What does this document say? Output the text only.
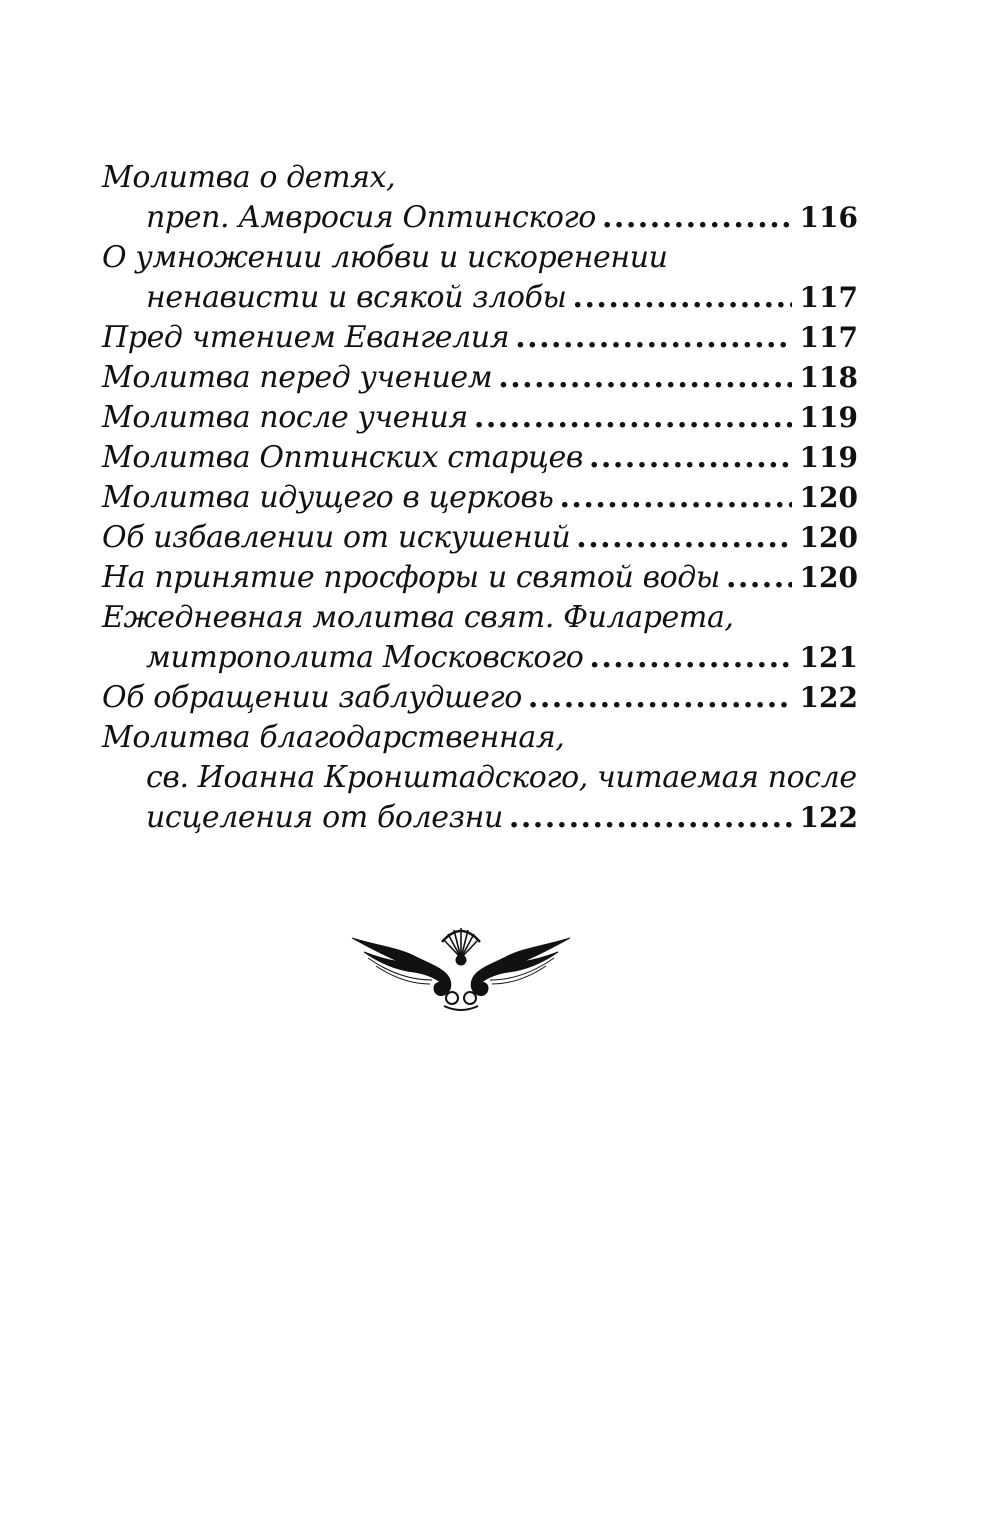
Молитва о детях,
преп. Амвросия Оптинского .....	116
О умножении любви и искоренении
ненависти и всякой злобы .....	117
Пред чтением Евангелия .....	117
Молитва перед учением .....	118
Молитва после учения .....	119
Молитва Оптинских старцев .....	119
Молитва идущего в церковь .....	120
Об избавлении от искушений .....	120
На принятие просфоры и святой воды .....	120
Ежедневная молитва свят. Филарета,
митрополита Московского .....	121
Об обращении заблудшего .....	122
Молитва благодарственная,
св. Иоанна Кронштадского, читаемая после
исцеления от болезни .....	122
